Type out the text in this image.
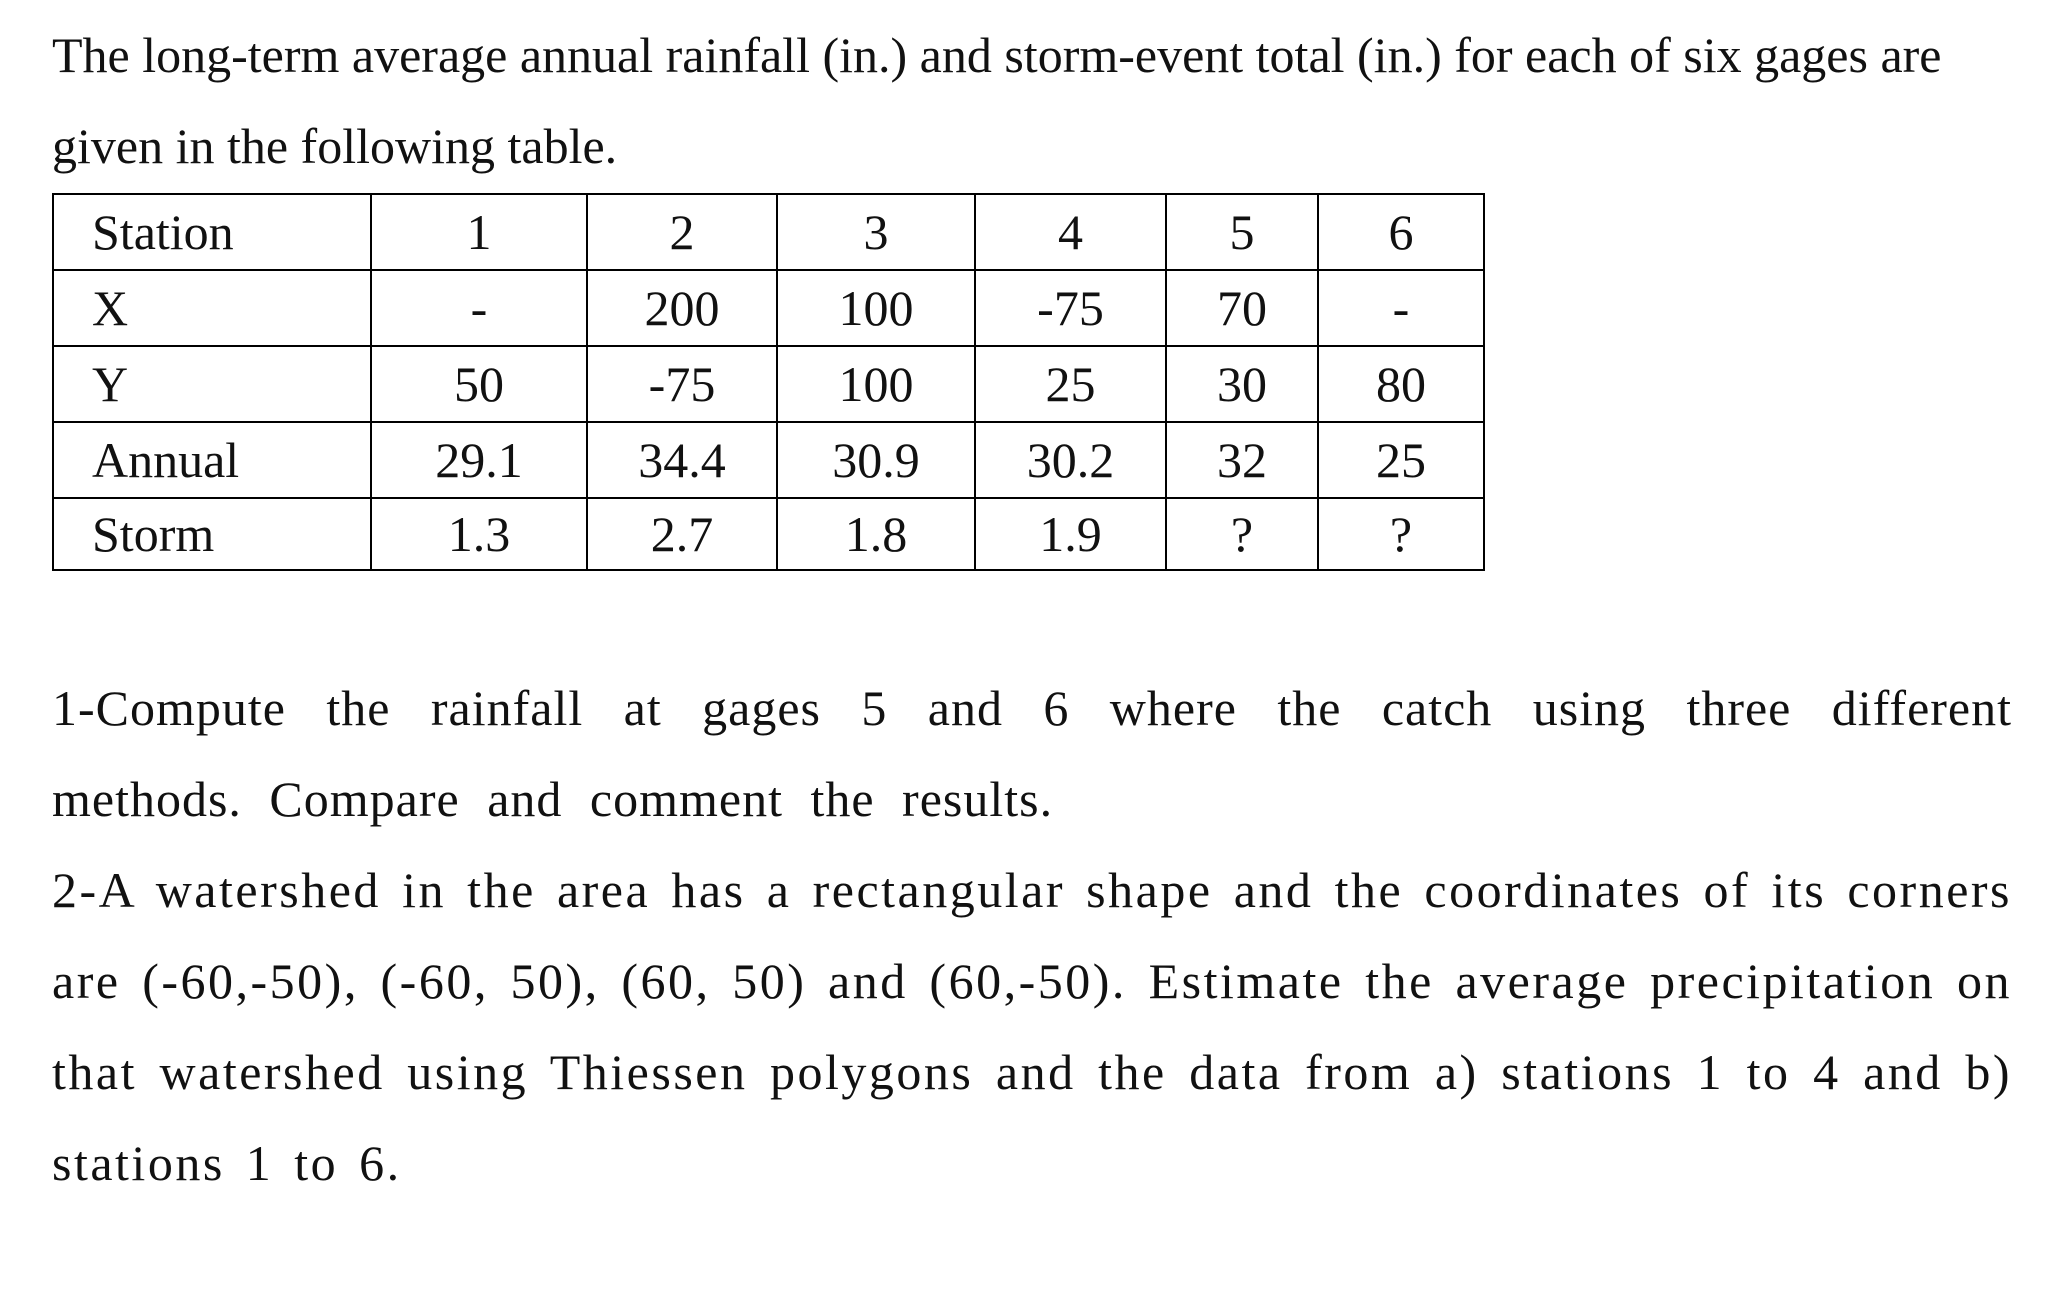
The long-term average annual rainfall (in.) and storm-event total (in.) for each of six gages are given in the following table.

Station	1	2	3	4	5	6
X	-	200	100	-75	70	-
Y	50	-75	100	25	30	80
Annual	29.1	34.4	30.9	30.2	32	25
Storm	1.3	2.7	1.8	1.9	?	?

1-Compute the rainfall at gages 5 and 6 where the catch using three different methods. Compare and comment the results.

2-A watershed in the area has a rectangular shape and the coordinates of its corners are (-60,-50), (-60, 50), (60, 50) and (60,-50). Estimate the average precipitation on that watershed using Thiessen polygons and the data from a) stations 1 to 4 and b) stations 1 to 6.
